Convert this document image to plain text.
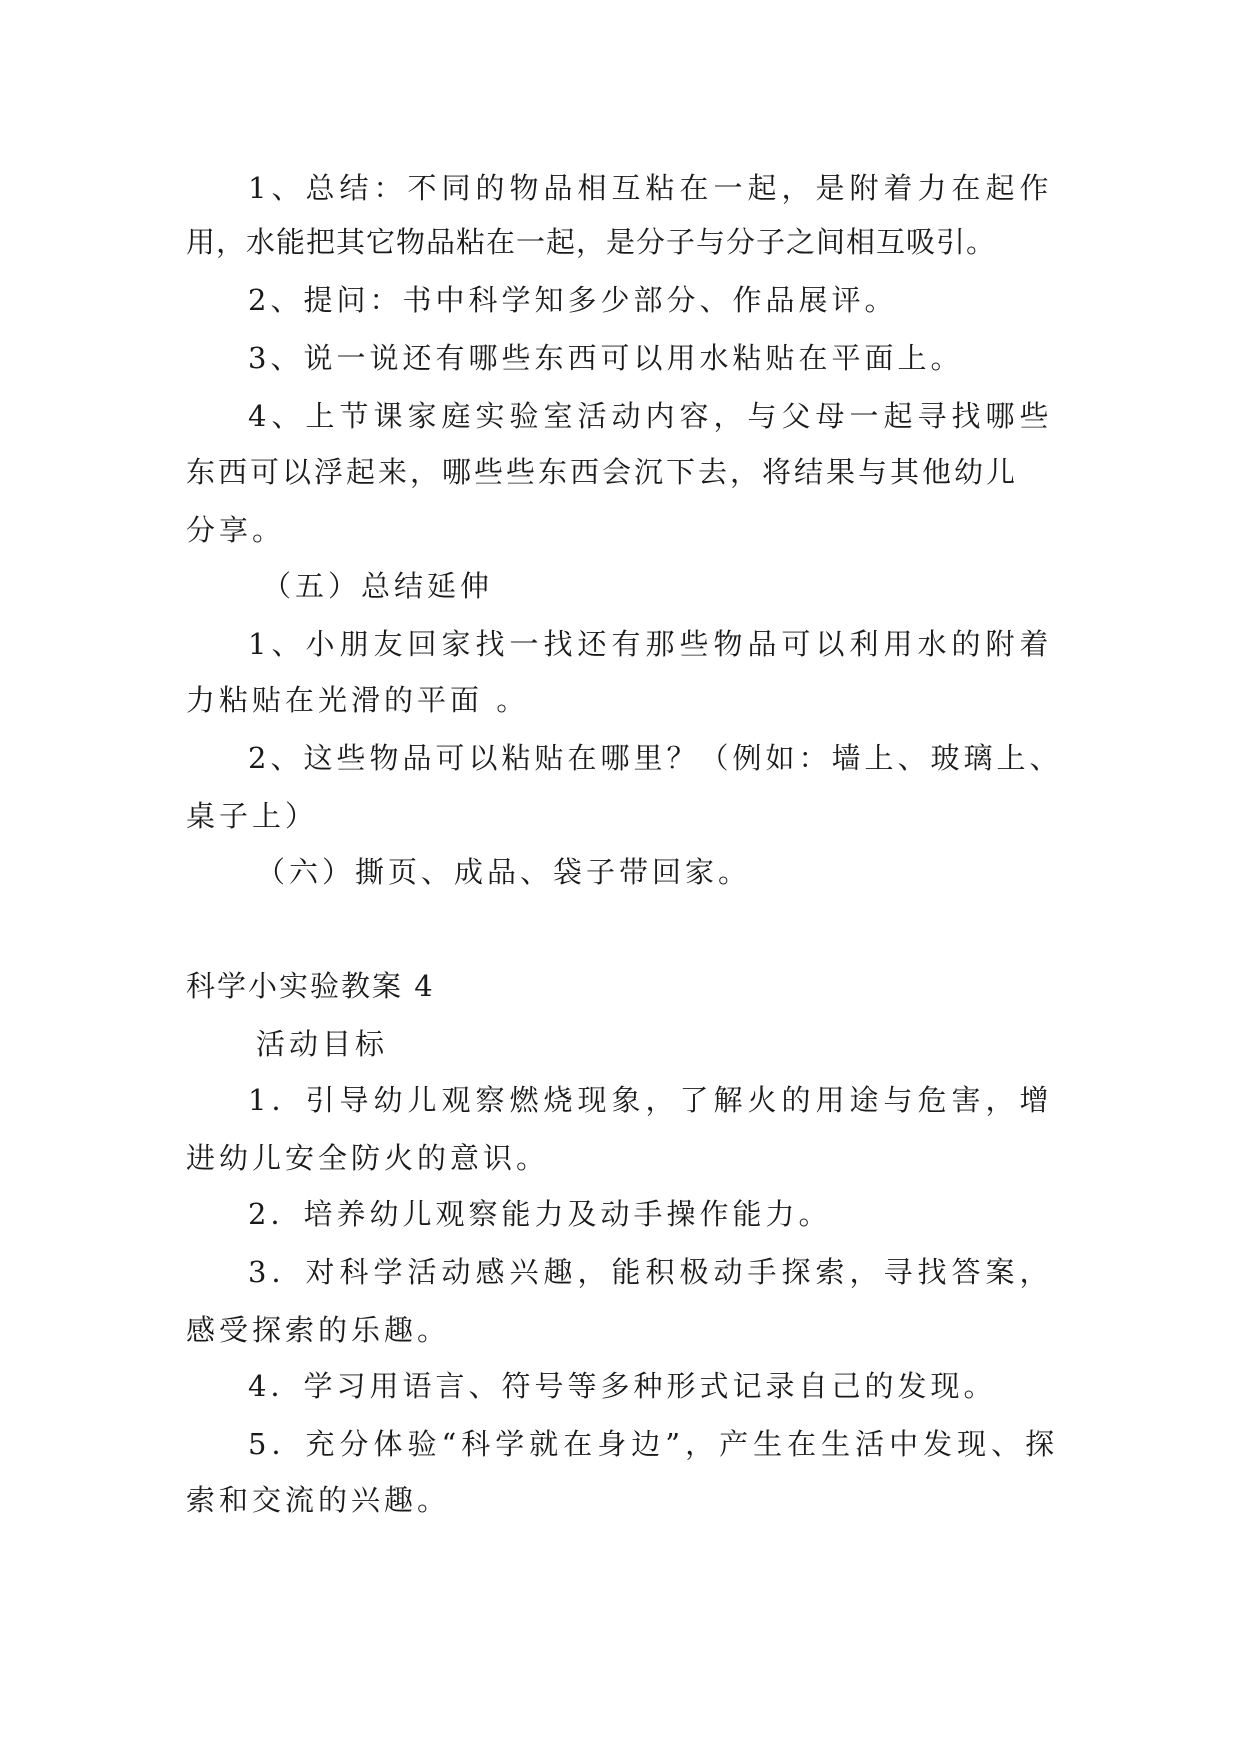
1、总结：不同的物品相互粘在一起，是附着力在起作
用，水能把其它物品粘在一起，是分子与分子之间相互吸引。
2、提问：书中科学知多少部分、作品展评。
3、说一说还有哪些东西可以用水粘贴在平面上。
4、上节课家庭实验室活动内容，与父母一起寻找哪些
东西可以浮起来，哪些些东西会沉下去，将结果与其他幼儿
分享。
（五）总结延伸
1、小朋友回家找一找还有那些物品可以利用水的附着
力粘贴在光滑的平面 。
2、这些物品可以粘贴在哪里？（例如：墙上、玻璃上、
桌子上）
（六）撕页、成品、袋子带回家。
科学小实验教案 4
活动目标
1．引导幼儿观察燃烧现象，了解火的用途与危害，增
进幼儿安全防火的意识。
2．培养幼儿观察能力及动手操作能力。
3．对科学活动感兴趣，能积极动手探索，寻找答案，
感受探索的乐趣。
4．学习用语言、符号等多种形式记录自己的发现。
5．充分体验“科学就在身边”，产生在生活中发现、探
索和交流的兴趣。
